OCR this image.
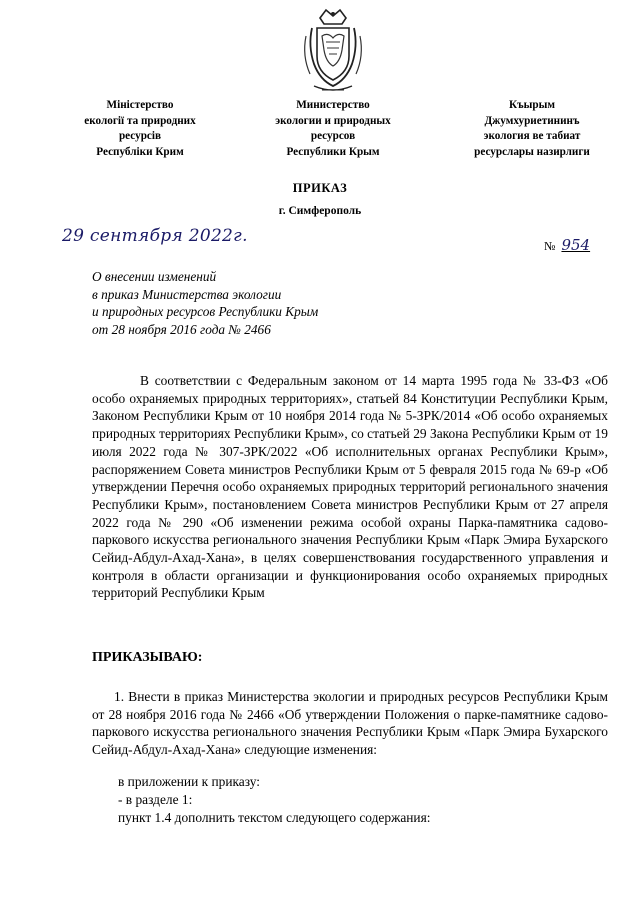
Міністерство
екології та природних
ресурсів
Республіки Крим
Министерство
экологии и природных
ресурсов
Республики Крым
Къырым
Джумхуриетининъ
экология ве табиат
ресурслары назирлиги
ПРИКАЗ
г. Симферополь
29 сентября 2022г.	№ 954
О внесении изменений
в приказ Министерства экологии
и природных ресурсов Республики Крым
от 28 ноября 2016 года № 2466
В соответствии с Федеральным законом от 14 марта 1995 года № 33-ФЗ «Об особо охраняемых природных территориях», статьей 84 Конституции Республики Крым, Законом Республики Крым от 10 ноября 2014 года № 5-ЗРК/2014 «Об особо охраняемых природных территориях Республики Крым», со статьей 29 Закона Республики Крым от 19 июля 2022 года № 307-ЗРК/2022 «Об исполнительных органах Республики Крым», распоряжением Совета министров Республики Крым от 5 февраля 2015 года № 69-р «Об утверждении Перечня особо охраняемых природных территорий регионального значения Республики Крым», постановлением Совета министров Республики Крым от 27 апреля 2022 года № 290 «Об изменении режима особой охраны Парка-памятника садово-паркового искусства регионального значения Республики Крым «Парк Эмира Бухарского Сейид-Абдул-Ахад-Хана», в целях совершенствования государственного управления и контроля в области организации и функционирования особо охраняемых природных территорий Республики Крым
ПРИКАЗЫВАЮ:
1. Внести в приказ Министерства экологии и природных ресурсов Республики Крым от 28 ноября 2016 года № 2466 «Об утверждении Положения о парке-памятнике садово-паркового искусства регионального значения Республики Крым «Парк Эмира Бухарского Сейид-Абдул-Ахад-Хана» следующие изменения:
в приложении к приказу:
- в разделе 1:
пункт 1.4 дополнить текстом следующего содержания:
